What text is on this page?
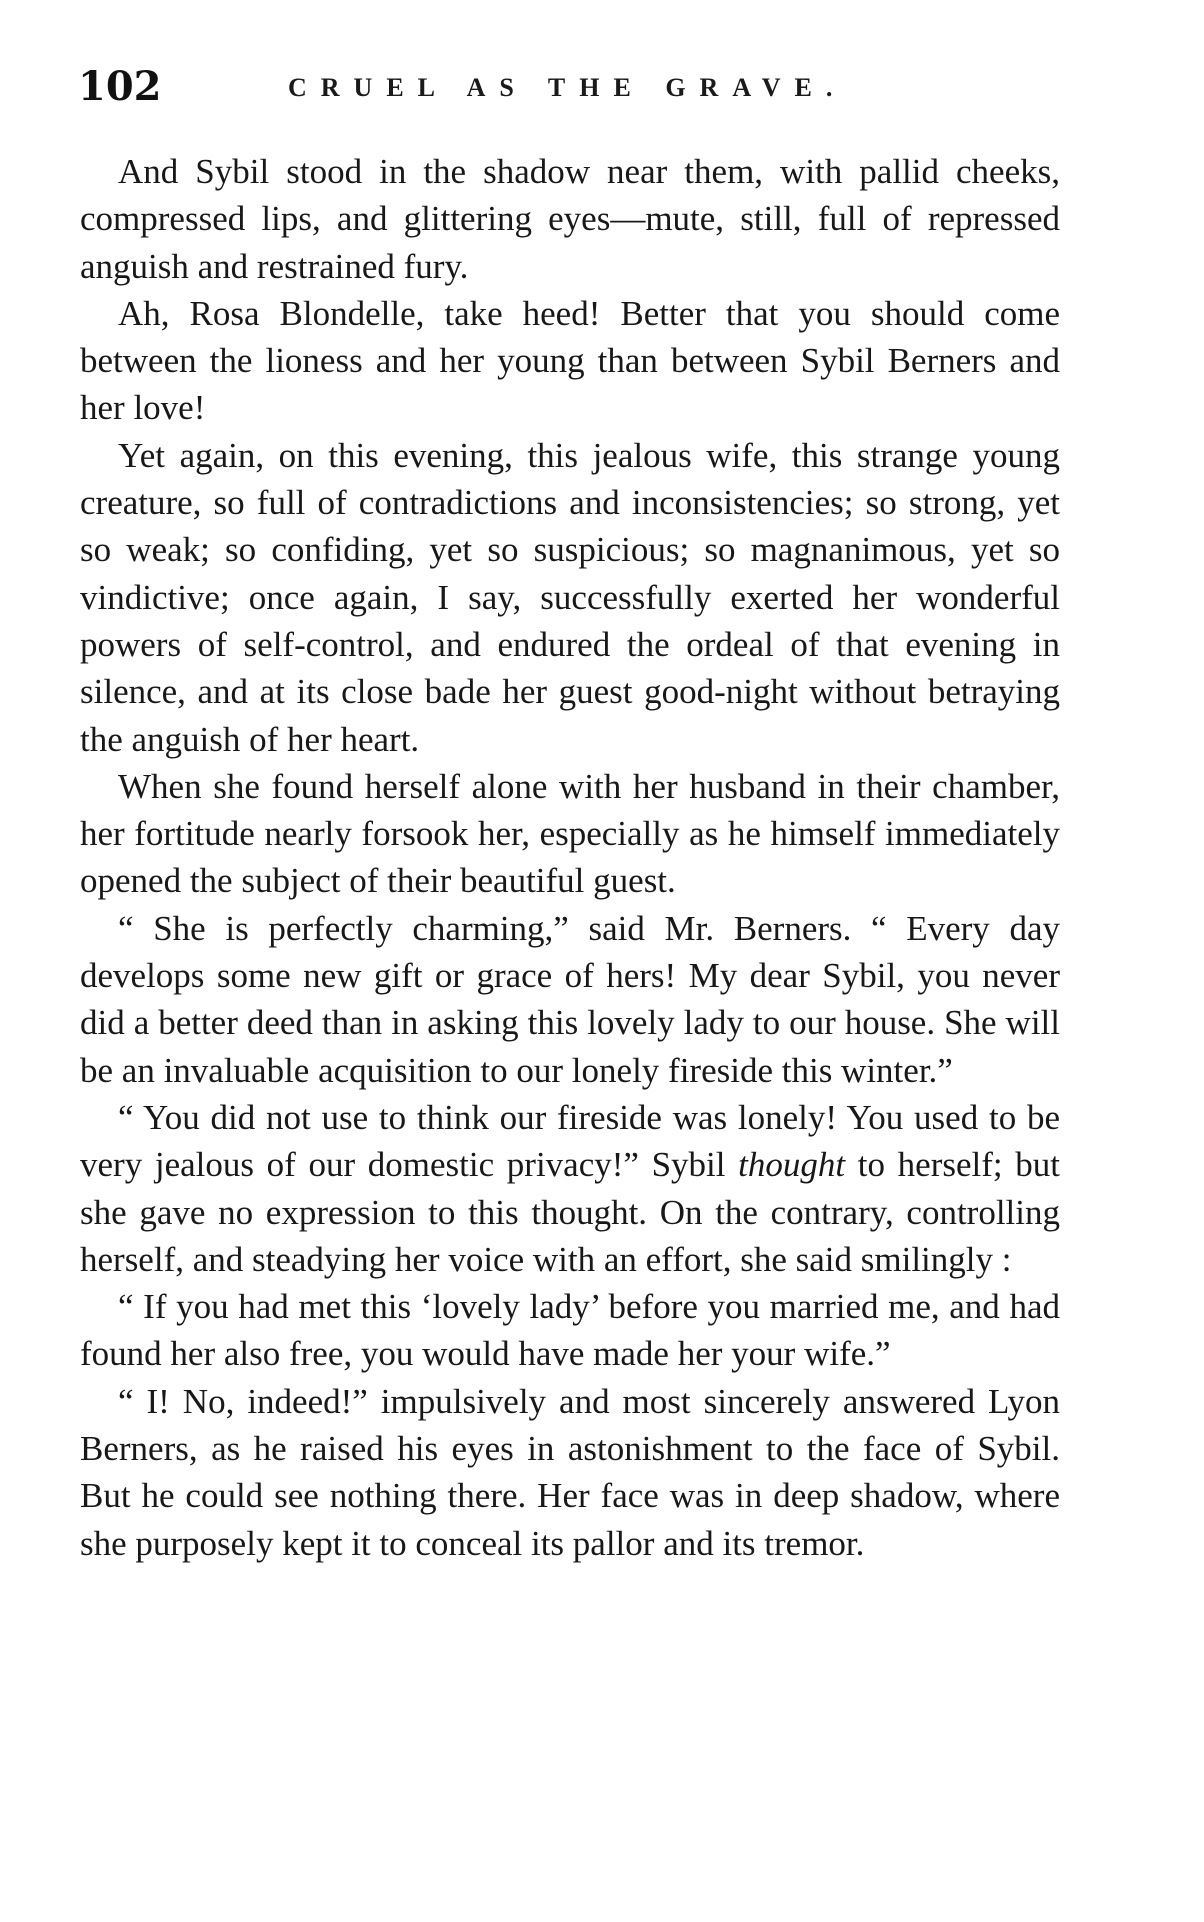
102	CRUEL AS THE GRAVE.

And Sybil stood in the shadow near them, with pallid cheeks, compressed lips, and glittering eyes—mute, still, full of repressed anguish and restrained fury.

Ah, Rosa Blondelle, take heed! Better that you should come between the lioness and her young than between Sybil Berners and her love!

Yet again, on this evening, this jealous wife, this strange young creature, so full of contradictions and inconsistencies; so strong, yet so weak; so confiding, yet so suspicious; so magnanimous, yet so vindictive; once again, I say, successfully exerted her wonderful powers of self-control, and endured the ordeal of that evening in silence, and at its close bade her guest good-night without betraying the anguish of her heart.

When she found herself alone with her husband in their chamber, her fortitude nearly forsook her, especially as he himself immediately opened the subject of their beautiful guest.

“ She is perfectly charming,” said Mr. Berners. “ Every day develops some new gift or grace of hers! My dear Sybil, you never did a better deed than in asking this lovely lady to our house. She will be an invaluable acquisition to our lonely fireside this winter.”

“ You did not use to think our fireside was lonely! You used to be very jealous of our domestic privacy!” Sybil thought to herself; but she gave no expression to this thought. On the contrary, controlling herself, and steadying her voice with an effort, she said smilingly :

“ If you had met this ‘lovely lady’ before you married me, and had found her also free, you would have made her your wife.”

“ I! No, indeed!” impulsively and most sincerely answered Lyon Berners, as he raised his eyes in astonishment to the face of Sybil. But he could see nothing there. Her face was in deep shadow, where she purposely kept it to conceal its pallor and its tremor.
